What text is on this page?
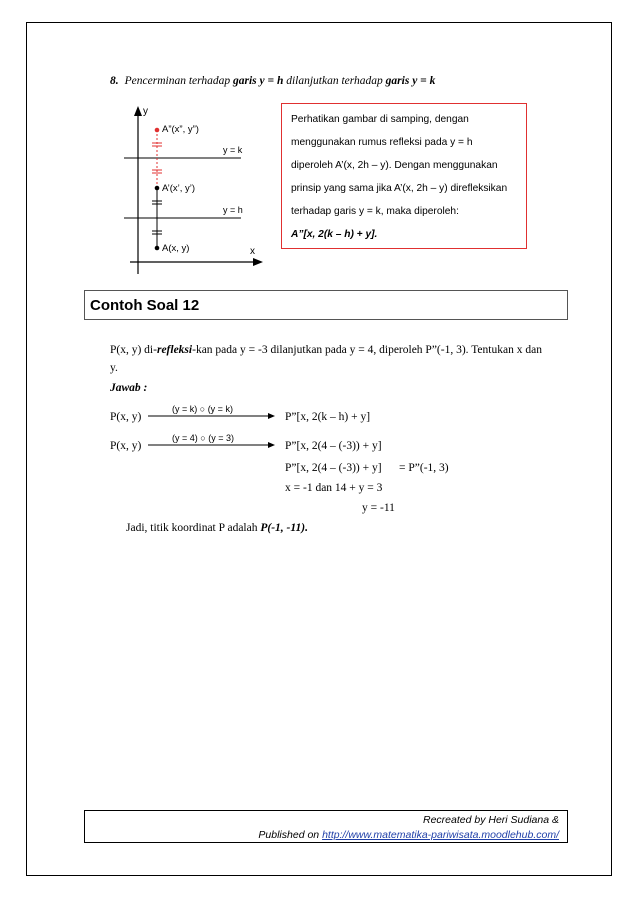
8. Pencerminan terhadap garis y = h dilanjutkan terhadap garis y = k
y
x
y = k
y = h
A”(x”, y”)
A’(x’, y’)
A(x, y)

Perhatikan gambar di samping, dengan

menggunakan rumus refleksi pada y = h

diperoleh A’(x, 2h – y). Dengan menggunakan

prinsip yang sama jika A’(x, 2h – y) direfleksikan

terhadap garis y = k, maka diperoleh:

A”[x, 2(k – h) + y].

Contoh Soal 12
P(x, y) di-refleksi-kan pada y = -3 dilanjutkan pada y = 4, diperoleh P”(-1, 3). Tentukan x dan
y.
Jawab :
P(x, y)
(y = k) ○ (y = k)
P”[x, 2(k – h) + y]
P(x, y)
(y = 4) ○ (y = 3)
P”[x, 2(4 – (-3)) + y]
P”[x, 2(4 – (-3)) + y] = P”(-1, 3)
x = -1 dan 14 + y = 3
y = -11
Jadi, titik koordinat P adalah P(-1, -11).
Recreated by Heri Sudiana &
Published on http://www.matematika-pariwisata.moodlehub.com/
